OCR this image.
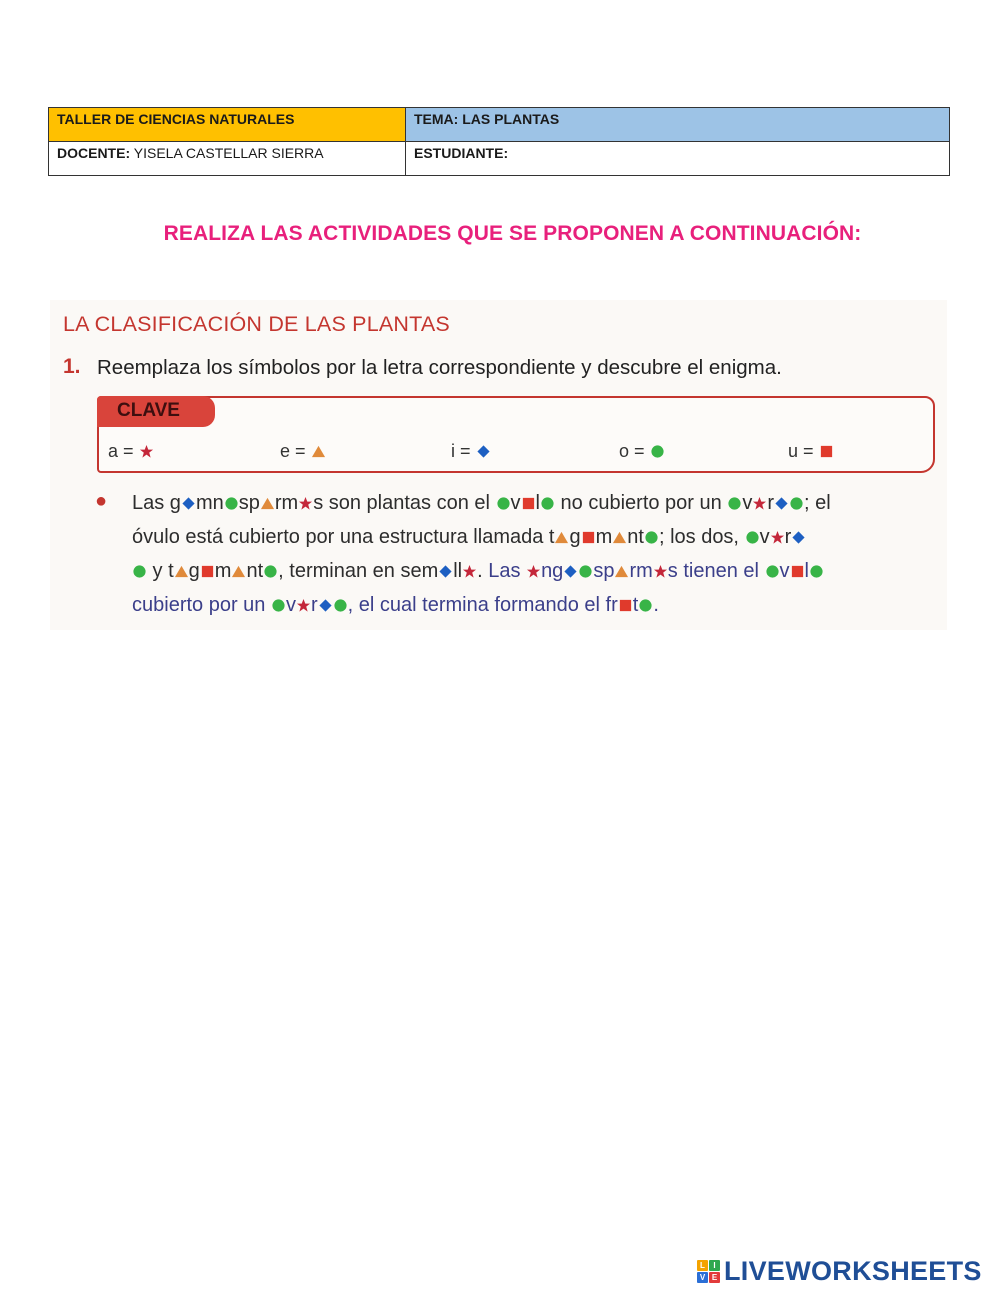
TALLER DE CIENCIAS NATURALES	TEMA: LAS PLANTAS
DOCENTE: YISELA CASTELLAR SIERRA	ESTUDIANTE:
REALIZA LAS ACTIVIDADES QUE SE PROPONEN A CONTINUACIÓN:
LA CLASIFICACIÓN DE LAS PLANTAS
1. Reemplaza los símbolos por la letra correspondiente y descubre el enigma.
CLAVE
a =	e =	i =	o =	u =
● Las g mn sp rm s son plantas con el
v l
no cubierto por un
v r ; el
óvulo está cubierto por una estructura llamada t g m nt ; los dos,
v r
y t g m nt , terminan en sem ll . Las
ng sp rm s tienen el
v l
cubierto por un
v r , el cual termina formando el fr t .
L	I
V E LIVEWORKSHEETS
